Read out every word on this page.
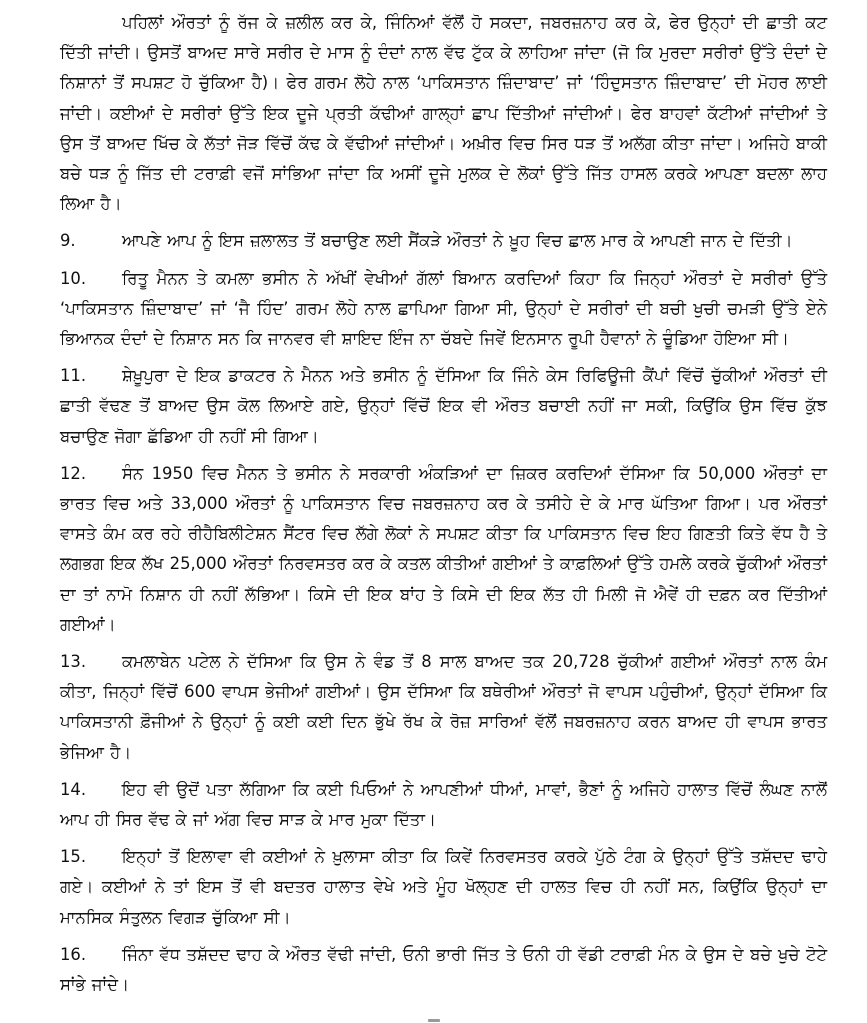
ਪਹਿਲਾਂ ਔਰਤਾਂ ਨੂੰ ਰੱਜ ਕੇ ਜ਼ਲੀਲ ਕਰ ਕੇ, ਜਿੰਨਿਆਂ ਵੱਲੋਂ ਹੋ ਸਕਦਾ, ਜਬਰਜ਼ਨਾਹ ਕਰ ਕੇ, ਫੇਰ ਉਨ੍ਹਾਂ ਦੀ ਛਾਤੀ ਕਟ ਦਿੱਤੀ ਜਾਂਦੀ। ਉਸਤੋਂ ਬਾਅਦ ਸਾਰੇ ਸਰੀਰ ਦੇ ਮਾਸ ਨੂੰ ਦੰਦਾਂ ਨਾਲ ਵੱਢ ਟੁੱਕ ਕੇ ਲਾਹਿਆ ਜਾਂਦਾ (ਜੋ ਕਿ ਮੁਰਦਾ ਸਰੀਰਾਂ ਉੱਤੇ ਦੰਦਾਂ ਦੇ ਨਿਸ਼ਾਨਾਂ ਤੋਂ ਸਪਸ਼ਟ ਹੋ ਚੁੱਕਿਆ ਹੈ)। ਫੇਰ ਗਰਮ ਲੋਹੇ ਨਾਲ ‘ਪਾਕਿਸਤਾਨ ਜ਼ਿੰਦਾਬਾਦ’ ਜਾਂ ‘ਹਿੰਦੁਸਤਾਨ ਜ਼ਿੰਦਾਬਾਦ’ ਦੀ ਮੋਹਰ ਲਾਈ ਜਾਂਦੀ। ਕਈਆਂ ਦੇ ਸਰੀਰਾਂ ਉੱਤੇ ਇਕ ਦੂਜੇ ਪ੍ਰਤੀ ਕੱਢੀਆਂ ਗਾਲ੍ਹਾਂ ਛਾਪ ਦਿੱਤੀਆਂ ਜਾਂਦੀਆਂ। ਫੇਰ ਬਾਹਵਾਂ ਕੱਟੀਆਂ ਜਾਂਦੀਆਂ ਤੇ ਉਸ ਤੋਂ ਬਾਅਦ ਖਿੱਚ ਕੇ ਲੱਤਾਂ ਜੋੜ ਵਿੱਚੋਂ ਕੱਢ ਕੇ ਵੱਢੀਆਂ ਜਾਂਦੀਆਂ। ਅਖ਼ੀਰ ਵਿਚ ਸਿਰ ਧੜ ਤੋਂ ਅਲੱਗ ਕੀਤਾ ਜਾਂਦਾ। ਅਜਿਹੇ ਬਾਕੀ ਬਚੇ ਧੜ ਨੂੰ ਜਿੱਤ ਦੀ ਟਰਾਫ਼ੀ ਵਜੋਂ ਸਾਂਭਿਆ ਜਾਂਦਾ ਕਿ ਅਸੀਂ ਦੂਜੇ ਮੁਲਕ ਦੇ ਲੋਕਾਂ ਉੱਤੇ ਜਿੱਤ ਹਾਸਲ ਕਰਕੇ ਆਪਣਾ ਬਦਲਾ ਲਾਹ ਲਿਆ ਹੈ।

9.	ਆਪਣੇ ਆਪ ਨੂੰ ਇਸ ਜ਼ਲਾਲਤ ਤੋਂ ਬਚਾਉਣ ਲਈ ਸੈਂਕੜੇ ਔਰਤਾਂ ਨੇ ਖ਼ੂਹ ਵਿਚ ਛਾਲ ਮਾਰ ਕੇ ਆਪਣੀ ਜਾਨ ਦੇ ਦਿੱਤੀ।

10. ਰਿਤੂ ਮੈਨਨ ਤੇ ਕਮਲਾ ਭਸੀਨ ਨੇ ਅੱਖੀਂ ਵੇਖੀਆਂ ਗੱਲਾਂ ਬਿਆਨ ਕਰਦਿਆਂ ਕਿਹਾ ਕਿ ਜਿਨ੍ਹਾਂ ਔਰਤਾਂ ਦੇ ਸਰੀਰਾਂ ਉੱਤੇ ‘ਪਾਕਿਸਤਾਨ ਜ਼ਿੰਦਾਬਾਦ’ ਜਾਂ ‘ਜੈ ਹਿੰਦ’ ਗਰਮ ਲੋਹੇ ਨਾਲ ਛਾਪਿਆ ਗਿਆ ਸੀ, ਉਨ੍ਹਾਂ ਦੇ ਸਰੀਰਾਂ ਦੀ ਬਚੀ ਖੁਚੀ ਚਮੜੀ ਉੱਤੇ ਏਨੇ ਭਿਆਨਕ ਦੰਦਾਂ ਦੇ ਨਿਸ਼ਾਨ ਸਨ ਕਿ ਜਾਨਵਰ ਵੀ ਸ਼ਾਇਦ ਇੰਜ ਨਾ ਚੱਬਦੇ ਜਿਵੇਂ ਇਨਸਾਨ ਰੂਪੀ ਹੈਵਾਨਾਂ ਨੇ ਚੂੰਡਿਆ ਹੋਇਆ ਸੀ।

11. ਸ਼ੇਖ਼ੂਪੁਰਾ ਦੇ ਇਕ ਡਾਕਟਰ ਨੇ ਮੈਨਨ ਅਤੇ ਭਸੀਨ ਨੂੰ ਦੱਸਿਆ ਕਿ ਜਿੰਨੇ ਕੇਸ ਰਿਫਿਊਜੀ ਕੈਂਪਾਂ ਵਿੱਚੋਂ ਚੁੱਕੀਆਂ ਔਰਤਾਂ ਦੀ ਛਾਤੀ ਵੱਢਣ ਤੋਂ ਬਾਅਦ ਉਸ ਕੋਲ ਲਿਆਏ ਗਏ, ਉਨ੍ਹਾਂ ਵਿੱਚੋਂ ਇਕ ਵੀ ਔਰਤ ਬਚਾਈ ਨਹੀਂ ਜਾ ਸਕੀ, ਕਿਉਂਕਿ ਉਸ ਵਿੱਚ ਕੁੱਝ ਬਚਾਉਣ ਜੋਗਾ ਛੱਡਿਆ ਹੀ ਨਹੀਂ ਸੀ ਗਿਆ।

12. ਸੰਨ 1950 ਵਿਚ ਮੈਨਨ ਤੇ ਭਸੀਨ ਨੇ ਸਰਕਾਰੀ ਅੰਕੜਿਆਂ ਦਾ ਜ਼ਿਕਰ ਕਰਦਿਆਂ ਦੱਸਿਆ ਕਿ 50,000 ਔਰਤਾਂ ਦਾ ਭਾਰਤ ਵਿਚ ਅਤੇ 33,000 ਔਰਤਾਂ ਨੂੰ ਪਾਕਿਸਤਾਨ ਵਿਚ ਜਬਰਜ਼ਨਾਹ ਕਰ ਕੇ ਤਸੀਹੇ ਦੇ ਕੇ ਮਾਰ ਘੱਤਿਆ ਗਿਆ। ਪਰ ਔਰਤਾਂ ਵਾਸਤੇ ਕੰਮ ਕਰ ਰਹੇ ਰੀਹੈਬਿਲੀਟੇਸ਼ਨ ਸੈਂਟਰ ਵਿਚ ਲੱਗੇ ਲੋਕਾਂ ਨੇ ਸਪਸ਼ਟ ਕੀਤਾ ਕਿ ਪਾਕਿਸਤਾਨ ਵਿਚ ਇਹ ਗਿਣਤੀ ਕਿਤੇ ਵੱਧ ਹੈ ਤੇ ਲਗਭਗ ਇਕ ਲੱਖ 25,000 ਔਰਤਾਂ ਨਿਰਵਸਤਰ ਕਰ ਕੇ ਕਤਲ ਕੀਤੀਆਂ ਗਈਆਂ ਤੇ ਕਾਫ਼ਲਿਆਂ ਉੱਤੇ ਹਮਲੇ ਕਰਕੇ ਚੁੱਕੀਆਂ ਔਰਤਾਂ ਦਾ ਤਾਂ ਨਾਮੋ ਨਿਸ਼ਾਨ ਹੀ ਨਹੀਂ ਲੱਭਿਆ। ਕਿਸੇ ਦੀ ਇਕ ਬਾਂਹ ਤੇ ਕਿਸੇ ਦੀ ਇਕ ਲੱਤ ਹੀ ਮਿਲੀ ਜੋ ਐਵੇਂ ਹੀ ਦਫ਼ਨ ਕਰ ਦਿੱਤੀਆਂ ਗਈਆਂ।

13. ਕਮਲਾਬੇਨ ਪਟੇਲ ਨੇ ਦੱਸਿਆ ਕਿ ਉਸ ਨੇ ਵੰਡ ਤੋਂ 8 ਸਾਲ ਬਾਅਦ ਤਕ 20,728 ਚੁੱਕੀਆਂ ਗਈਆਂ ਔਰਤਾਂ ਨਾਲ ਕੰਮ ਕੀਤਾ, ਜਿਨ੍ਹਾਂ ਵਿੱਚੋਂ 600 ਵਾਪਸ ਭੇਜੀਆਂ ਗਈਆਂ। ਉਸ ਦੱਸਿਆ ਕਿ ਬਥੇਰੀਆਂ ਔਰਤਾਂ ਜੋ ਵਾਪਸ ਪਹੁੰਚੀਆਂ, ਉਨ੍ਹਾਂ ਦੱਸਿਆ ਕਿ ਪਾਕਿਸਤਾਨੀ ਫ਼ੌਜੀਆਂ ਨੇ ਉਨ੍ਹਾਂ ਨੂੰ ਕਈ ਕਈ ਦਿਨ ਭੁੱਖੇ ਰੱਖ ਕੇ ਰੋਜ਼ ਸਾਰਿਆਂ ਵੱਲੋਂ ਜਬਰਜ਼ਨਾਹ ਕਰਨ ਬਾਅਦ ਹੀ ਵਾਪਸ ਭਾਰਤ ਭੇਜਿਆ ਹੈ।

14. ਇਹ ਵੀ ਉਦੋਂ ਪਤਾ ਲੱਗਿਆ ਕਿ ਕਈ ਪਿਓਆਂ ਨੇ ਆਪਣੀਆਂ ਧੀਆਂ, ਮਾਵਾਂ, ਭੈਣਾਂ ਨੂੰ ਅਜਿਹੇ ਹਾਲਾਤ ਵਿੱਚੋਂ ਲੰਘਣ ਨਾਲੋਂ ਆਪ ਹੀ ਸਿਰ ਵੱਢ ਕੇ ਜਾਂ ਅੱਗ ਵਿਚ ਸਾੜ ਕੇ ਮਾਰ ਮੁਕਾ ਦਿੱਤਾ।

15. ਇਨ੍ਹਾਂ ਤੋਂ ਇਲਾਵਾ ਵੀ ਕਈਆਂ ਨੇ ਖ਼ੁਲਾਸਾ ਕੀਤਾ ਕਿ ਕਿਵੇਂ ਨਿਰਵਸਤਰ ਕਰਕੇ ਪੁੱਠੇ ਟੰਗ ਕੇ ਉਨ੍ਹਾਂ ਉੱਤੇ ਤਸ਼ੱਦਦ ਢਾਹੇ ਗਏ। ਕਈਆਂ ਨੇ ਤਾਂ ਇਸ ਤੋਂ ਵੀ ਬਦਤਰ ਹਾਲਾਤ ਵੇਖੇ ਅਤੇ ਮੂੰਹ ਖੋਲ੍ਹਣ ਦੀ ਹਾਲਤ ਵਿਚ ਹੀ ਨਹੀਂ ਸਨ, ਕਿਉਂਕਿ ਉਨ੍ਹਾਂ ਦਾ ਮਾਨਸਿਕ ਸੰਤੁਲਨ ਵਿਗੜ ਚੁੱਕਿਆ ਸੀ।

16. ਜਿੰਨਾ ਵੱਧ ਤਸ਼ੱਦਦ ਢਾਹ ਕੇ ਔਰਤ ਵੱਢੀ ਜਾਂਦੀ, ਓਨੀ ਭਾਰੀ ਜਿੱਤ ਤੇ ਓਨੀ ਹੀ ਵੱਡੀ ਟਰਾਫ਼ੀ ਮੰਨ ਕੇ ਉਸ ਦੇ ਬਚੇ ਖੁਚੇ ਟੋਟੇ ਸਾਂਭੇ ਜਾਂਦੇ।
